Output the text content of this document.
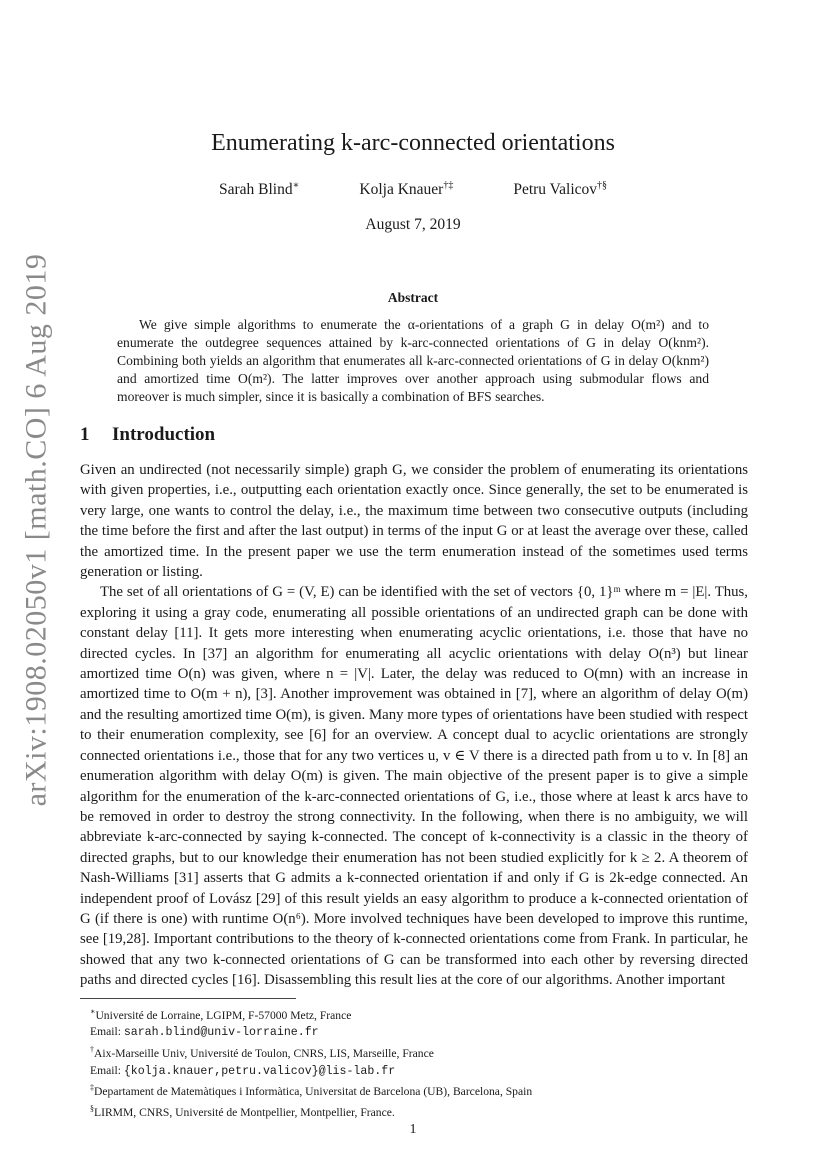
arXiv:1908.02050v1 [math.CO] 6 Aug 2019
Enumerating k-arc-connected orientations
Sarah Blind∗	Kolja Knauer†‡	Petru Valicov†§
August 7, 2019
Abstract

We give simple algorithms to enumerate the α-orientations of a graph G in delay O(m²) and to enumerate the outdegree sequences attained by k-arc-connected orientations of G in delay O(knm²). Combining both yields an algorithm that enumerates all k-arc-connected orientations of G in delay O(knm²) and amortized time O(m²). The latter improves over another approach using submodular flows and moreover is much simpler, since it is basically a combination of BFS searches.

1 Introduction

Given an undirected (not necessarily simple) graph G, we consider the problem of enumerating its orientations with given properties, i.e., outputting each orientation exactly once. Since generally, the set to be enumerated is very large, one wants to control the delay, i.e., the maximum time between two consecutive outputs (including the time before the first and after the last output) in terms of the input G or at least the average over these, called the amortized time. In the present paper we use the term enumeration instead of the sometimes used terms generation or listing.

The set of all orientations of G = (V, E) can be identified with the set of vectors {0, 1}ᵐ where m = |E|. Thus, exploring it using a gray code, enumerating all possible orientations of an undirected graph can be done with constant delay [11]. It gets more interesting when enumerating acyclic orientations, i.e. those that have no directed cycles. In [37] an algorithm for enumerating all acyclic orientations with delay O(n³) but linear amortized time O(n) was given, where n = |V|. Later, the delay was reduced to O(mn) with an increase in amortized time to O(m + n), [3]. Another improvement was obtained in [7], where an algorithm of delay O(m) and the resulting amortized time O(m), is given. Many more types of orientations have been studied with respect to their enumeration complexity, see [6] for an overview. A concept dual to acyclic orientations are strongly connected orientations i.e., those that for any two vertices u, v ∈ V there is a directed path from u to v. In [8] an enumeration algorithm with delay O(m) is given. The main objective of the present paper is to give a simple algorithm for the enumeration of the k-arc-connected orientations of G, i.e., those where at least k arcs have to be removed in order to destroy the strong connectivity. In the following, when there is no ambiguity, we will abbreviate k-arc-connected by saying k-connected. The concept of k-connectivity is a classic in the theory of directed graphs, but to our knowledge their enumeration has not been studied explicitly for k ≥ 2. A theorem of Nash-Williams [31] asserts that G admits a k-connected orientation if and only if G is 2k-edge connected. An independent proof of Lovász [29] of this result yields an easy algorithm to produce a k-connected orientation of G (if there is one) with runtime O(n⁶). More involved techniques have been developed to improve this runtime, see [19,28]. Important contributions to the theory of k-connected orientations come from Frank. In particular, he showed that any two k-connected orientations of G can be transformed into each other by reversing directed paths and directed cycles [16]. Disassembling this result lies at the core of our algorithms. Another important

∗Université de Lorraine, LGIPM, F-57000 Metz, France
Email: sarah.blind@univ-lorraine.fr
†Aix-Marseille Univ, Université de Toulon, CNRS, LIS, Marseille, France
Email: {kolja.knauer,petru.valicov}@lis-lab.fr
‡Departament de Matemàtiques i Informàtica, Universitat de Barcelona (UB), Barcelona, Spain
§LIRMM, CNRS, Université de Montpellier, Montpellier, France.
1
